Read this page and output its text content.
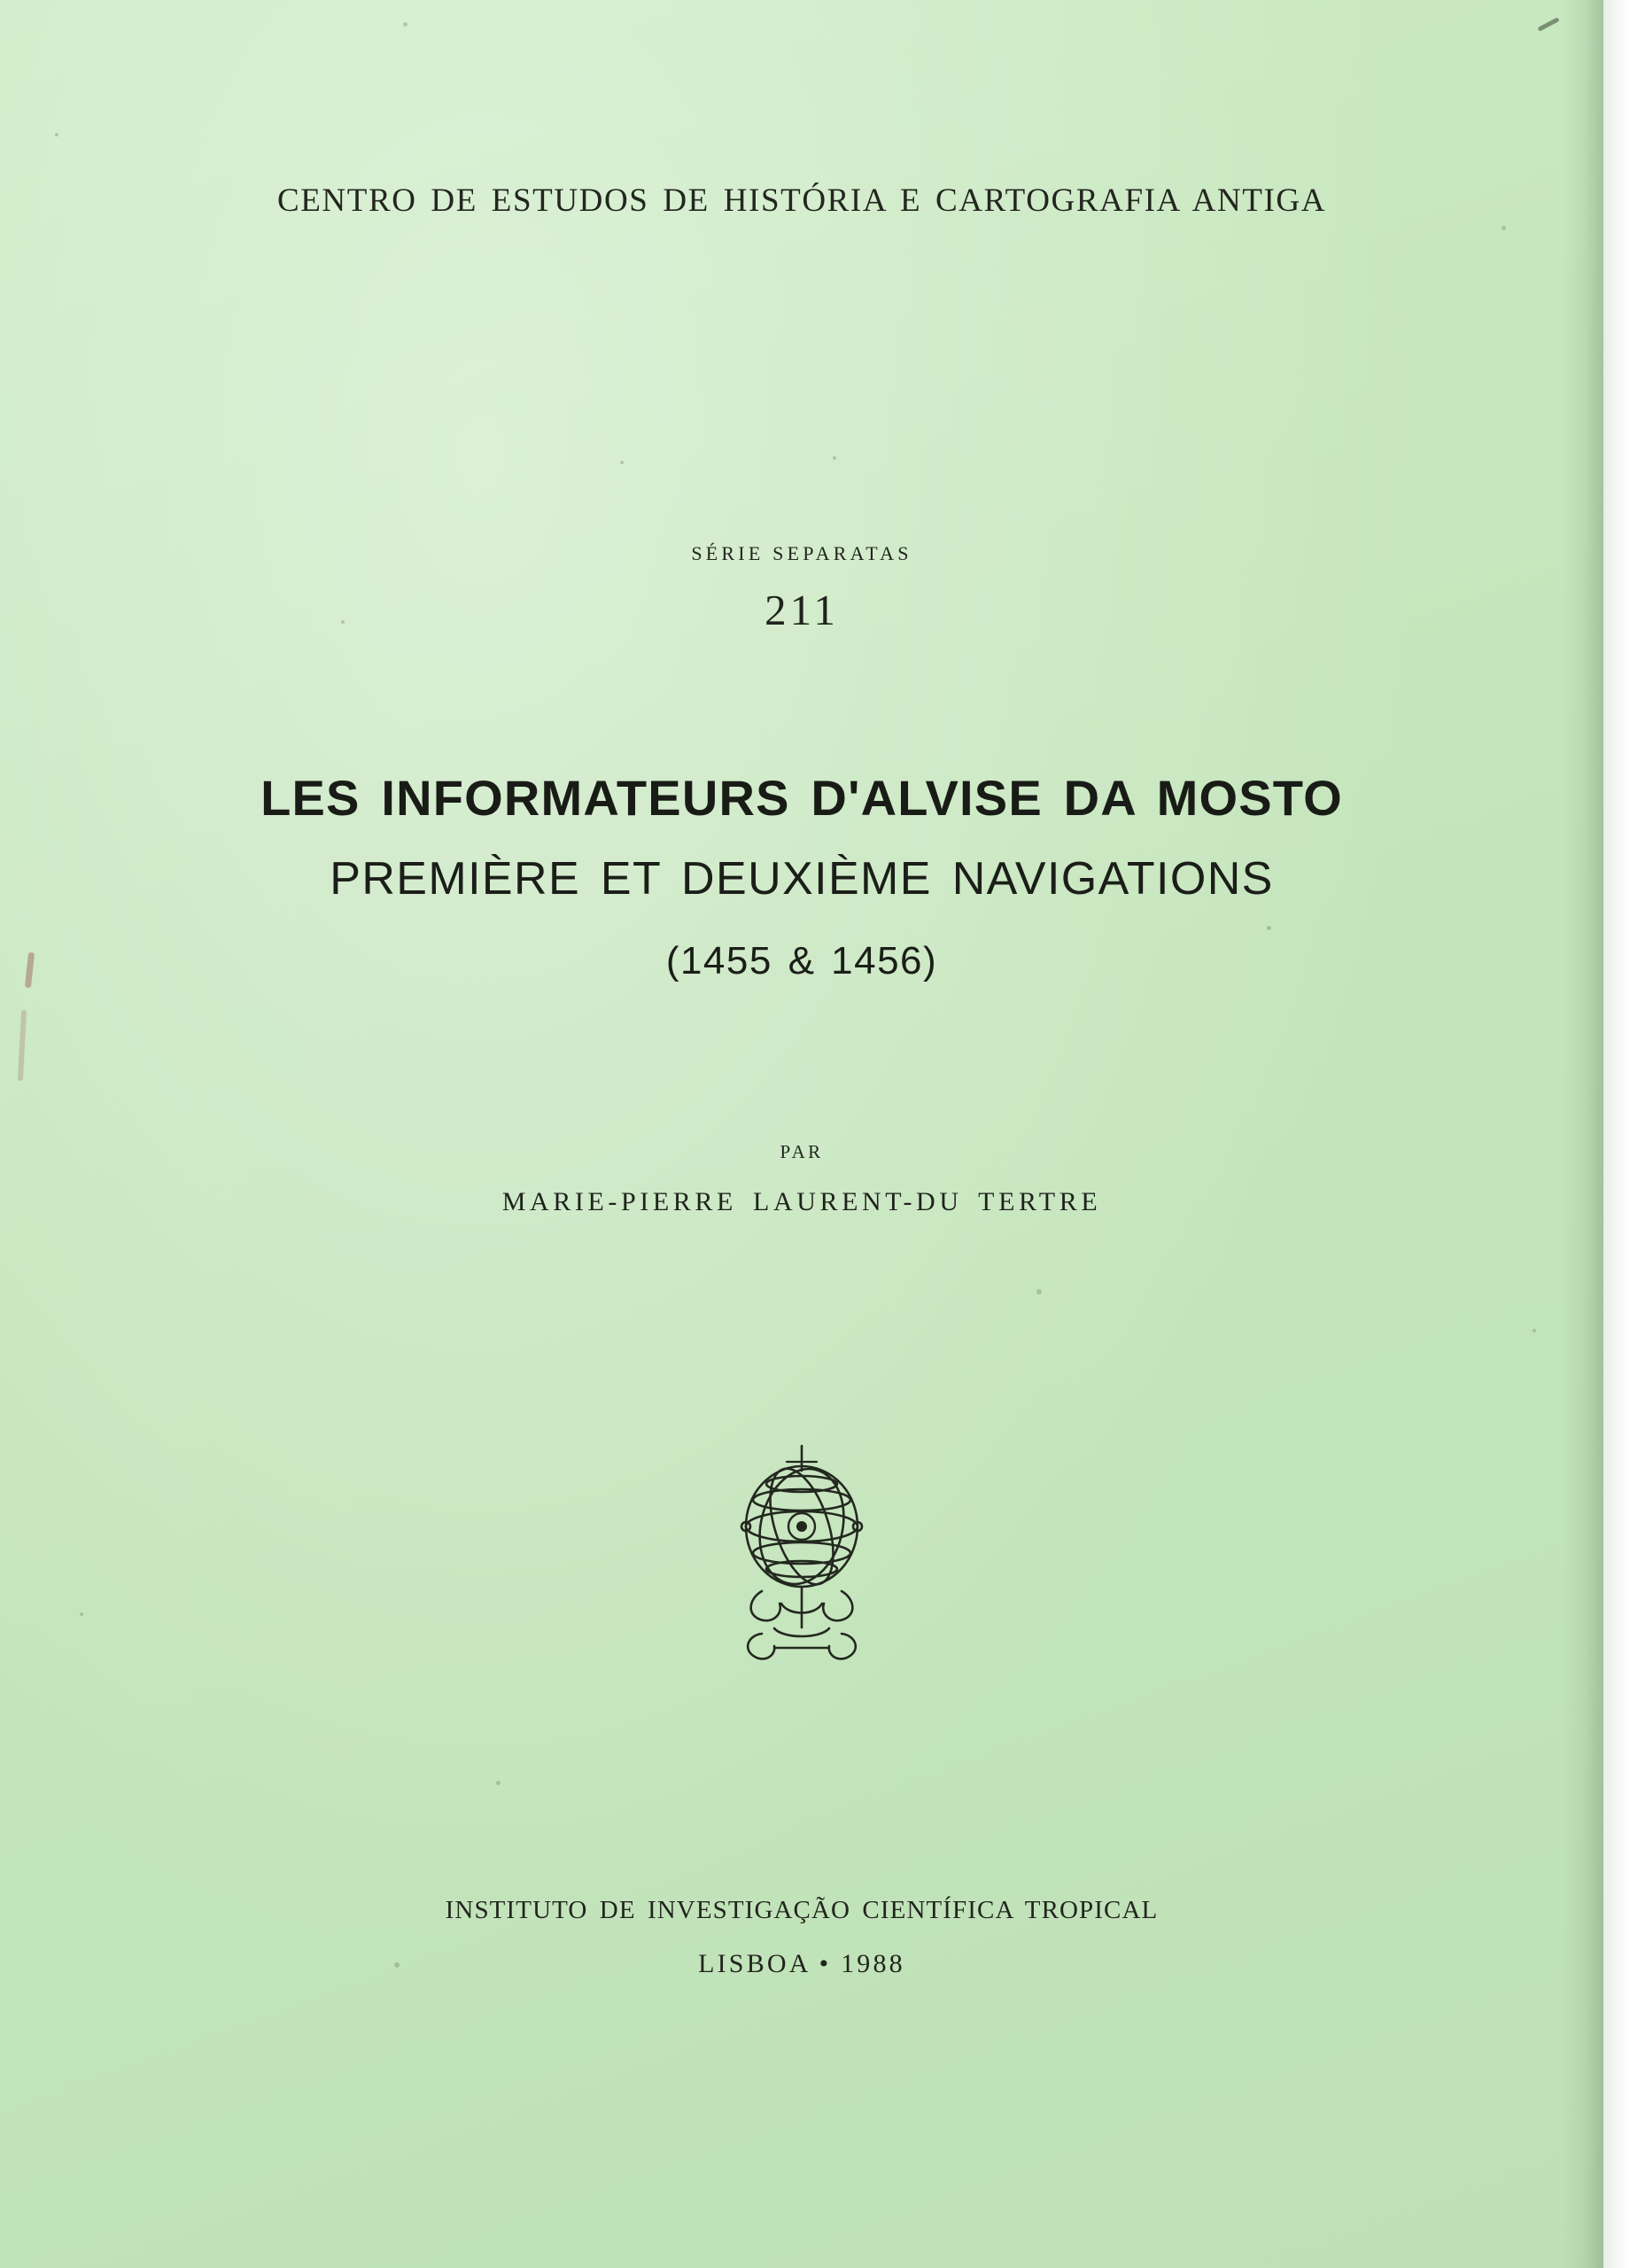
CENTRO DE ESTUDOS DE HISTÓRIA E CARTOGRAFIA ANTIGA
SÉRIE SEPARATAS
211
LES INFORMATEURS D'ALVISE DA MOSTO
PREMIÈRE ET DEUXIÈME NAVIGATIONS
(1455 & 1456)
PAR
MARIE-PIERRE LAURENT-DU TERTRE
INSTITUTO DE INVESTIGAÇÃO CIENTÍFICA TROPICAL
LISBOA • 1988
